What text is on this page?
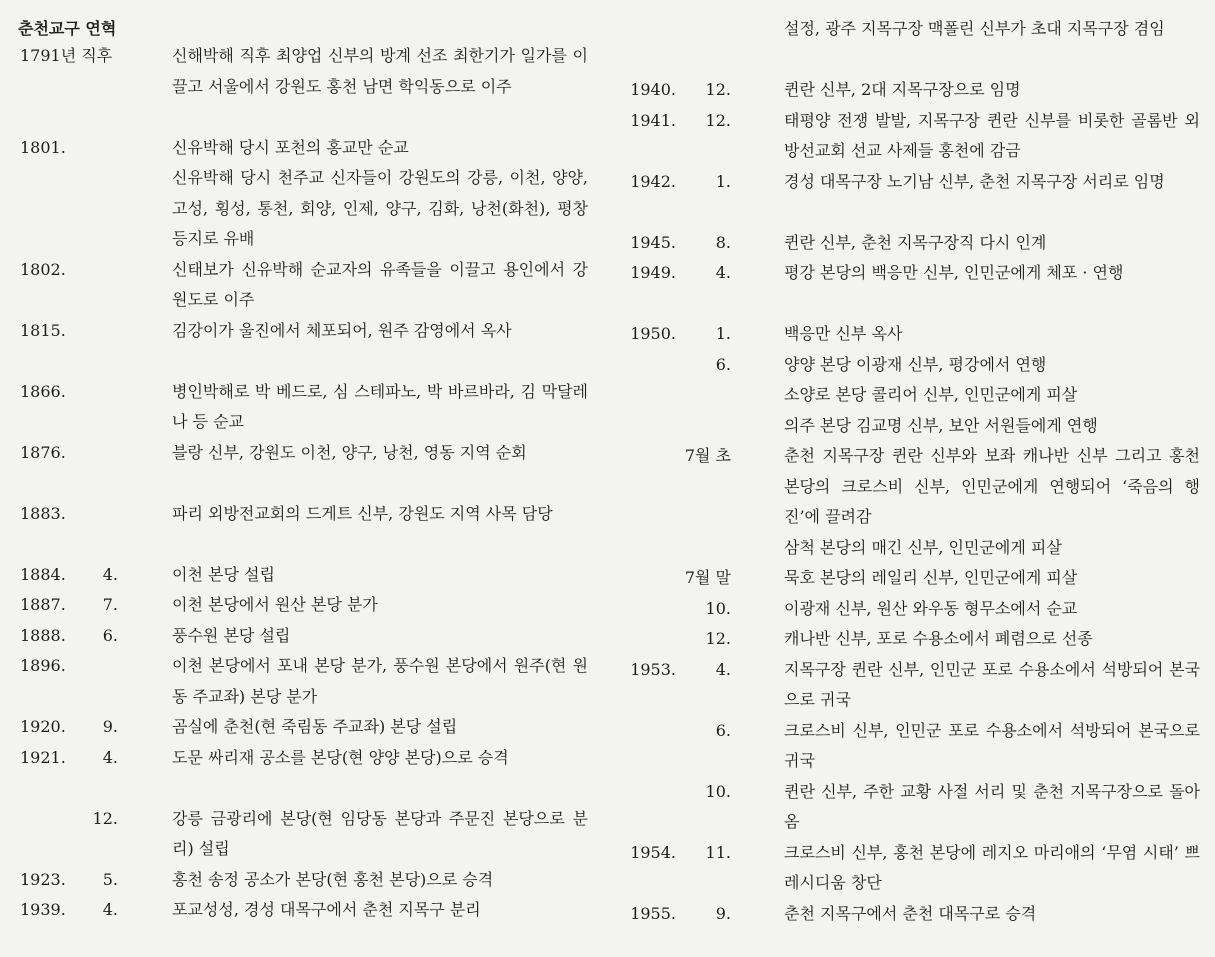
춘천교구 연혁
1791년 직후	신해박해 직후 최양업 신부의 방계 선조 최한기가 일가를 이끌고 서울에서 강원도 홍천 남면 학익동으로 이주
1801.	신유박해 당시 포천의 홍교만 순교
신유박해 당시 천주교 신자들이 강원도의 강릉, 이천, 양양, 고성, 횡성, 통천, 회양, 인제, 양구, 김화, 낭천(화천), 평창 등지로 유배
1802.	신태보가 신유박해 순교자의 유족들을 이끌고 용인에서 강원도로 이주
1815.	김강이가 울진에서 체포되어, 원주 감영에서 옥사
1866.	병인박해로 박 베드로, 심 스테파노, 박 바르바라, 김 막달레나 등 순교
1876.	블랑 신부, 강원도 이천, 양구, 낭천, 영동 지역 순회
1883.	파리 외방전교회의 드게트 신부, 강원도 지역 사목 담당
1884.	4.	이천 본당 설립
1887.	7.	이천 본당에서 원산 본당 분가
1888.	6.	풍수원 본당 설립
1896.	이천 본당에서 포내 본당 분가, 풍수원 본당에서 원주(현 원동 주교좌) 본당 분가
1920.	9.	곰실에 춘천(현 죽림동 주교좌) 본당 설립
1921.	4.	도문 싸리재 공소를 본당(현 양양 본당)으로 승격
12.	강릉 금광리에 본당(현 임당동 본당과 주문진 본당으로 분리) 설립
1923.	5.	홍천 송정 공소가 본당(현 홍천 본당)으로 승격
1939.	4.	포교성성, 경성 대목구에서 춘천 지목구 분리
설정, 광주 지목구장 맥폴린 신부가 초대 지목구장 겸임
1940.	12.	퀸란 신부, 2대 지목구장으로 임명
1941.	12.	태평양 전쟁 발발, 지목구장 퀸란 신부를 비롯한 골롬반 외방선교회 선교 사제들 홍천에 감금
1942.	1.	경성 대목구장 노기남 신부, 춘천 지목구장 서리로 임명
1945.	8.	퀸란 신부, 춘천 지목구장직 다시 인계
1949.	4.	평강 본당의 백응만 신부, 인민군에게 체포 · 연행
1950.	1.	백응만 신부 옥사
6.	양양 본당 이광재 신부, 평강에서 연행
소양로 본당 콜리어 신부, 인민군에게 피살
의주 본당 김교명 신부, 보안 서원들에게 연행
7월 초	춘천 지목구장 퀸란 신부와 보좌 캐나반 신부 그리고 홍천 본당의 크로스비 신부, 인민군에게 연행되어 ‘죽음의 행진’에 끌려감
삼척 본당의 매긴 신부, 인민군에게 피살
7월 말	묵호 본당의 레일리 신부, 인민군에게 피살
10.	이광재 신부, 원산 와우동 형무소에서 순교
12.	캐나반 신부, 포로 수용소에서 폐렴으로 선종
1953.	4.	지목구장 퀸란 신부, 인민군 포로 수용소에서 석방되어 본국으로 귀국
6.	크로스비 신부, 인민군 포로 수용소에서 석방되어 본국으로 귀국
10.	퀸란 신부, 주한 교황 사절 서리 및 춘천 지목구장으로 돌아옴
1954.	11.	크로스비 신부, 홍천 본당에 레지오 마리애의 ‘무염 시태’ 쁘레시디움 창단
1955.	9.	춘천 지목구에서 춘천 대목구로 승격
